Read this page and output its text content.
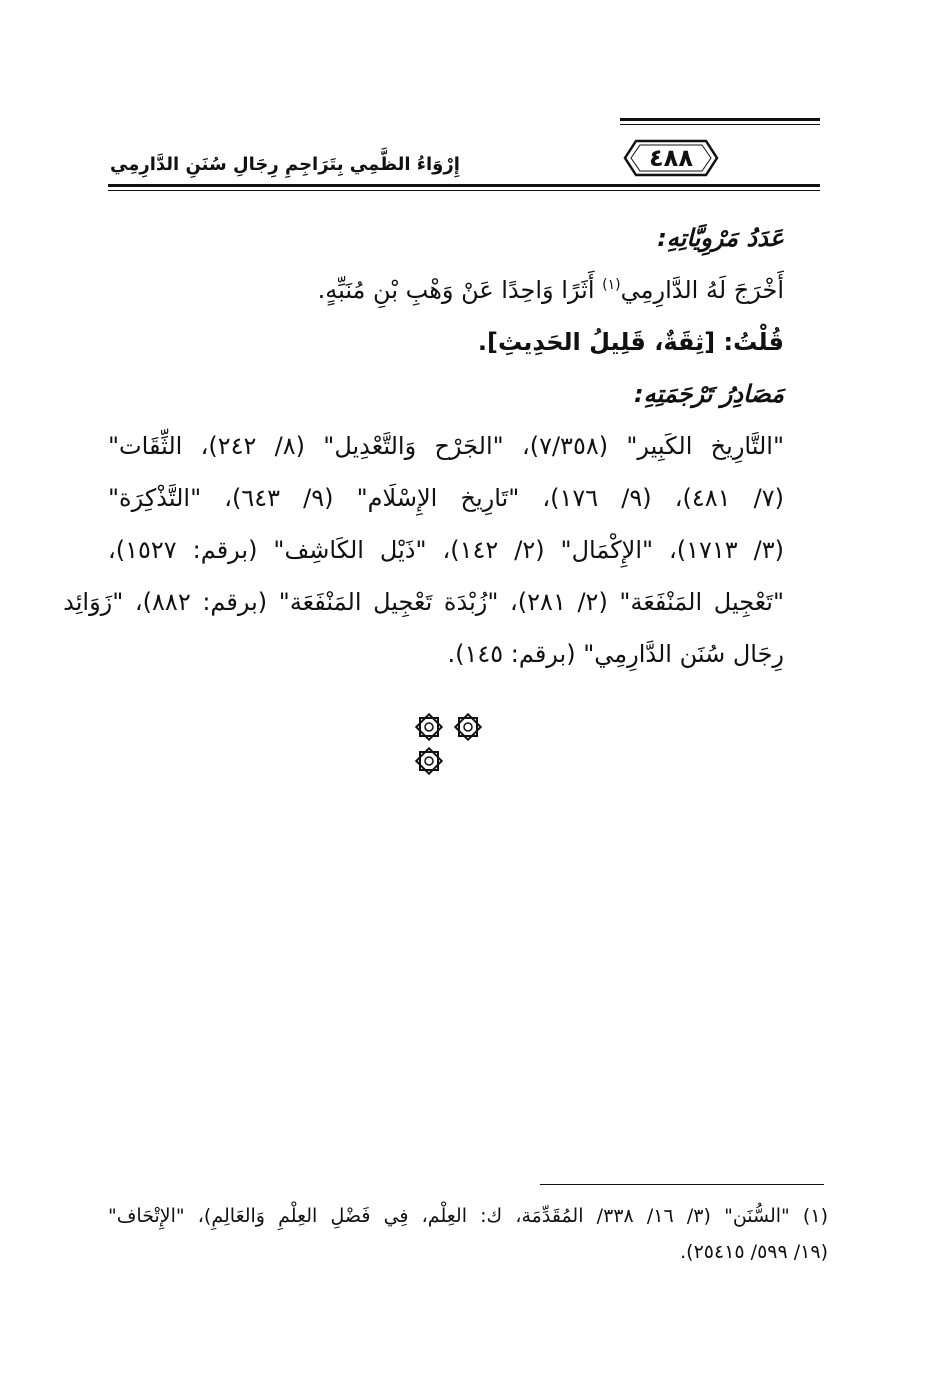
٤٨٨
إِرْوَاءُ الظَّمِي بِتَرَاجِمِ رِجَالِ سُنَنِ الدَّارِمِي
عَدَدُ مَرْوِيَّاتِهِ:
أَخْرَجَ لَهُ الدَّارِمِي$^{(١)}$ أَثَرًا وَاحِدًا عَنْ وَهْبِ بْنِ مُنَبِّهٍ.
قُلْتُ: [ثِقَةٌ، قَلِيلُ الحَدِيثِ].
مَصَادِرُ تَرْجَمَتِهِ:
"التَّارِيخ الكَبِير" (٧/٣٥٨)، "الجَرْح وَالتَّعْدِيل" (٨/ ٢٤٢)، الثِّقَات"
(٧/ ٤٨١)، (٩/ ١٧٦)، "تَارِيخ الإِسْلَام" (٩/ ٦٤٣)، "التَّذْكِرَة"
(٣/ ١٧١٣)، "الإِكْمَال" (٢/ ١٤٢)، "ذَيْل الكَاشِف" (برقم: ١٥٢٧)،
"تَعْجِيل المَنْفَعَة" (٢/ ٢٨١)، "زُبْدَة تَعْجِيل المَنْفَعَة" (برقم: ٨٨٢)، "زَوَائِد
رِجَال سُنَن الدَّارِمِي" (برقم: ١٤٥).

(١) "السُّنَن" (٣/ ١٦/ ٣٣٨/ المُقَدِّمَة، ك: العِلْم، فِي فَضْلِ العِلْمِ وَالعَالِمِ)، "الإِتْحَاف"
(١٩/ ٥٩٩/ ٢٥٤١٥).
